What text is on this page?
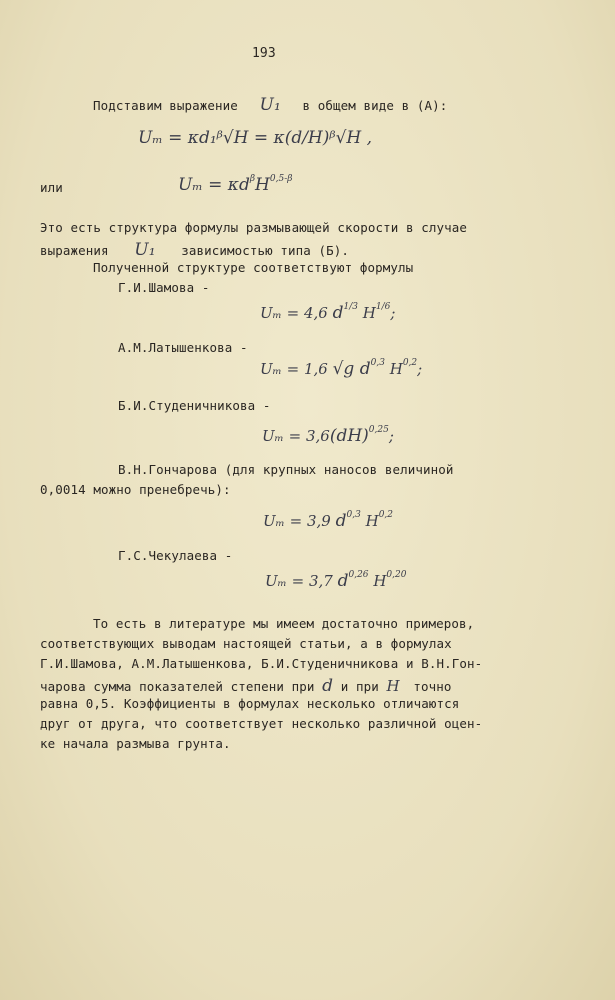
193
Подставим выражение U₁ в общем виде в (А):
Uₘ = κd₁ᵝ√H = κ(d/H)ᵝ√H ,
или	$U_m = \kappa d^\beta H^{0,5-\beta}$
Это есть структура формулы размывающей скорости в случае
выражения U₁ зависимостью типа (Б).
Полученной структуре соответствуют формулы
Г.И.Шамова -
Uₘ = 4,6 $d^{1/3}$ $H^{1/6}$;
А.М.Латышенкова -
Uₘ = 1,6 √g $d^{0,3}$ H$^{0,2}$;
Б.И.Студеничникова -
Uₘ = 3,6(dH)$^{0,25}$;
В.Н.Гончарова (для крупных наносов величиной
0,0014 можно пренебречь):
Uₘ = 3,9 $d^{0,3}$ H$^{0,2}$
Г.С.Чекулаева -
Uₘ = 3,7 $d^{0,26}$ H$^{0,20}$
То есть в литературе мы имеем достаточно примеров,
соответствующих выводам настоящей статьи, а в формулах
Г.И.Шамова, А.М.Латышенкова, Б.И.Студеничникова и В.Н.Гон-
чарова сумма показателей степени при d и при H точно
равна 0,5. Коэффициенты в формулах несколько отличаются
друг от друга, что соответствует несколько различной оцен-
ке начала размыва грунта.
